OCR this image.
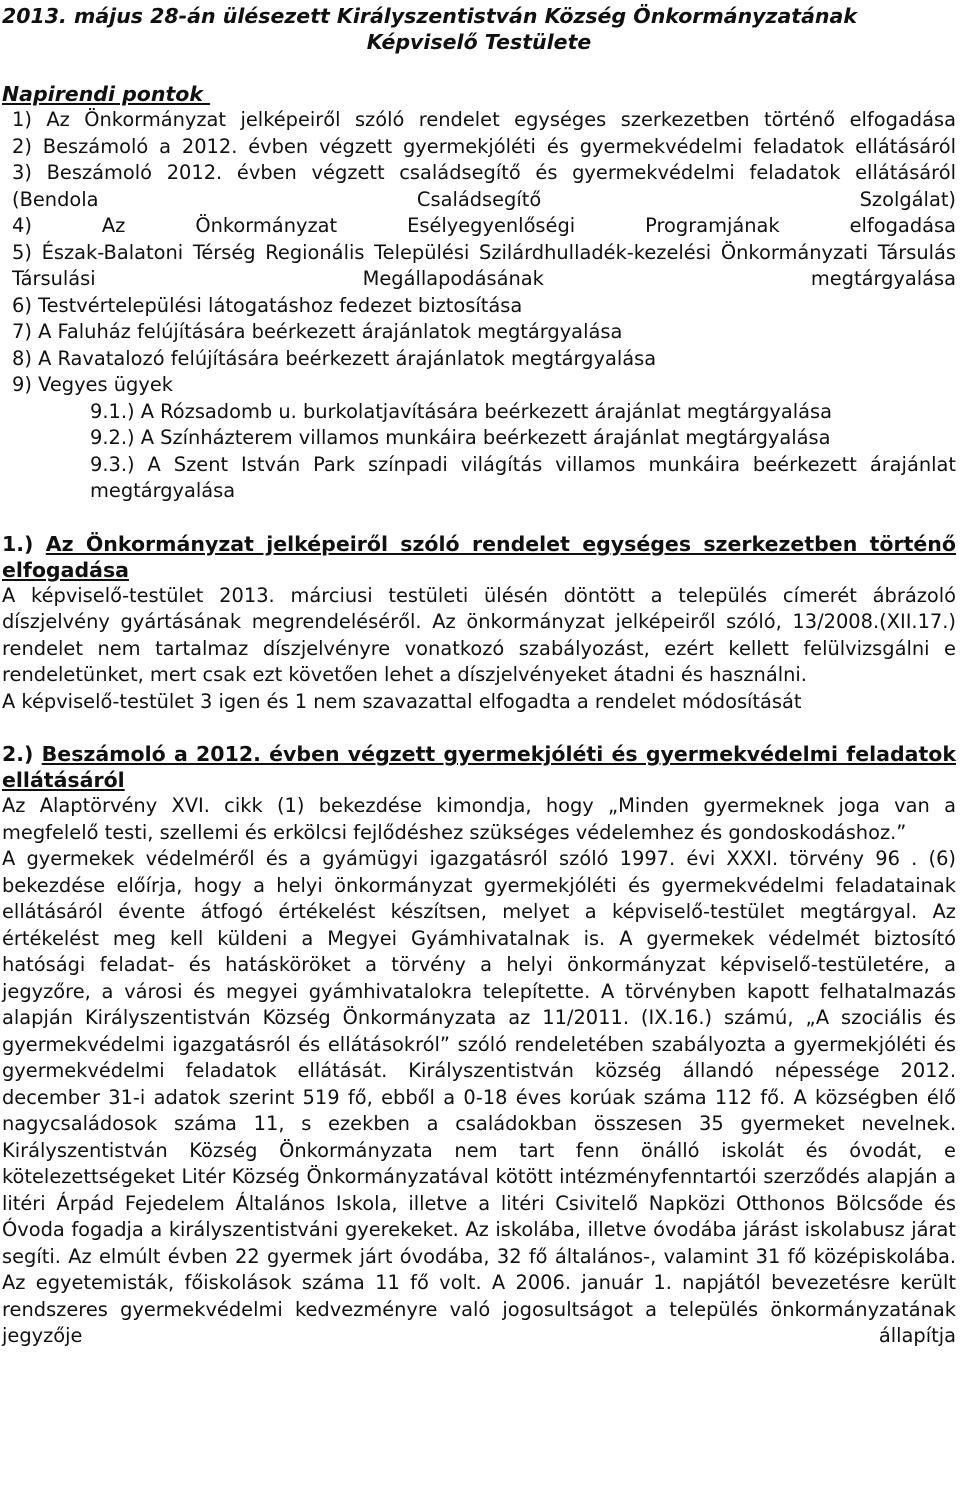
2013. május 28-án ülésezett Királyszentistván Község Önkormányzatának
Képviselő Testülete
Napirendi pontok
1) Az Önkormányzat jelképeiről szóló rendelet egységes szerkezetben történő elfogadása
2) Beszámoló a 2012. évben végzett gyermekjóléti és gyermekvédelmi feladatok ellátásáról
3) Beszámoló 2012. évben végzett családsegítő és gyermekvédelmi feladatok ellátásáról (Bendola Családsegítő Szolgálat)
4)	Az Önkormányzat Esélyegyenlőségi Programjának elfogadása
5) Észak-Balatoni Térség Regionális Települési Szilárdhulladék-kezelési Önkormányzati Társulás Társulási Megállapodásának megtárgyalása
6) Testvértelepülési látogatáshoz fedezet biztosítása
7) A Faluház felújítására beérkezett árajánlatok megtárgyalása
8) A Ravatalozó felújítására beérkezett árajánlatok megtárgyalása
9) Vegyes ügyek
9.1.) A Rózsadomb u. burkolatjavítására beérkezett árajánlat megtárgyalása
9.2.) A Színházterem villamos munkáira beérkezett árajánlat megtárgyalása
9.3.) A Szent István Park színpadi világítás villamos munkáira beérkezett árajánlat megtárgyalása
1.) Az Önkormányzat jelképeiről szóló rendelet egységes szerkezetben történő elfogadása
A képviselő-testület 2013. márciusi testületi ülésén döntött a település címerét ábrázoló díszjelvény gyártásának megrendeléséről. Az önkormányzat jelképeiről szóló, 13/2008.(XII.17.) rendelet nem tartalmaz díszjelvényre vonatkozó szabályozást, ezért kellett felülvizsgálni e rendeletünket, mert csak ezt követően lehet a díszjelvényeket átadni és használni.
A képviselő-testület 3 igen és 1 nem szavazattal elfogadta a rendelet módosítását
2.) Beszámoló a 2012. évben végzett gyermekjóléti és gyermekvédelmi feladatok ellátásáról
Az Alaptörvény XVI. cikk (1) bekezdése kimondja, hogy „Minden gyermeknek joga van a megfelelő testi, szellemi és erkölcsi fejlődéshez szükséges védelemhez és gondoskodáshoz.”
A gyermekek védelméről és a gyámügyi igazgatásról szóló 1997. évi XXXI. törvény 96 . (6) bekezdése előírja, hogy a helyi önkormányzat gyermekjóléti és gyermekvédelmi feladatainak ellátásáról évente átfogó értékelést készítsen, melyet a képviselő-testület megtárgyal. Az értékelést meg kell küldeni a Megyei Gyámhivatalnak is. A gyermekek védelmét biztosító hatósági feladat- és hatásköröket a törvény a helyi önkormányzat képviselő-testületére, a jegyzőre, a városi és megyei gyámhivatalokra telepítette. A törvényben kapott felhatalmazás alapján Királyszentistván Község Önkormányzata az 11/2011. (IX.16.) számú, „A szociális és gyermekvédelmi igazgatásról és ellátásokról” szóló rendeletében szabályozta a gyermekjóléti és gyermekvédelmi feladatok ellátását. Királyszentistván község állandó népessége 2012. december 31-i adatok szerint 519 fő, ebből a 0-18 éves korúak száma 112 fő. A községben élő nagycsaládosok száma 11, s ezekben a családokban összesen 35 gyermeket nevelnek. Királyszentistván Község Önkormányzata nem tart fenn önálló iskolát és óvodát, e kötelezettségeket Litér Község Önkormányzatával kötött intézményfenntartói szerződés alapján a litéri Árpád Fejedelem Általános Iskola, illetve a litéri Csivitelő Napközi Otthonos Bölcsőde és Óvoda fogadja a királyszentistváni gyerekeket. Az iskolába, illetve óvodába járást iskolabusz járat segíti. Az elmúlt évben 22 gyermek járt óvodába, 32 fő általános-, valamint 31 fő középiskolába. Az egyetemisták, főiskolások száma 11 fő volt. A 2006. január 1. napjától bevezetésre került rendszeres gyermekvédelmi kedvezményre való jogosultságot a település önkormányzatának jegyzője állapítja
